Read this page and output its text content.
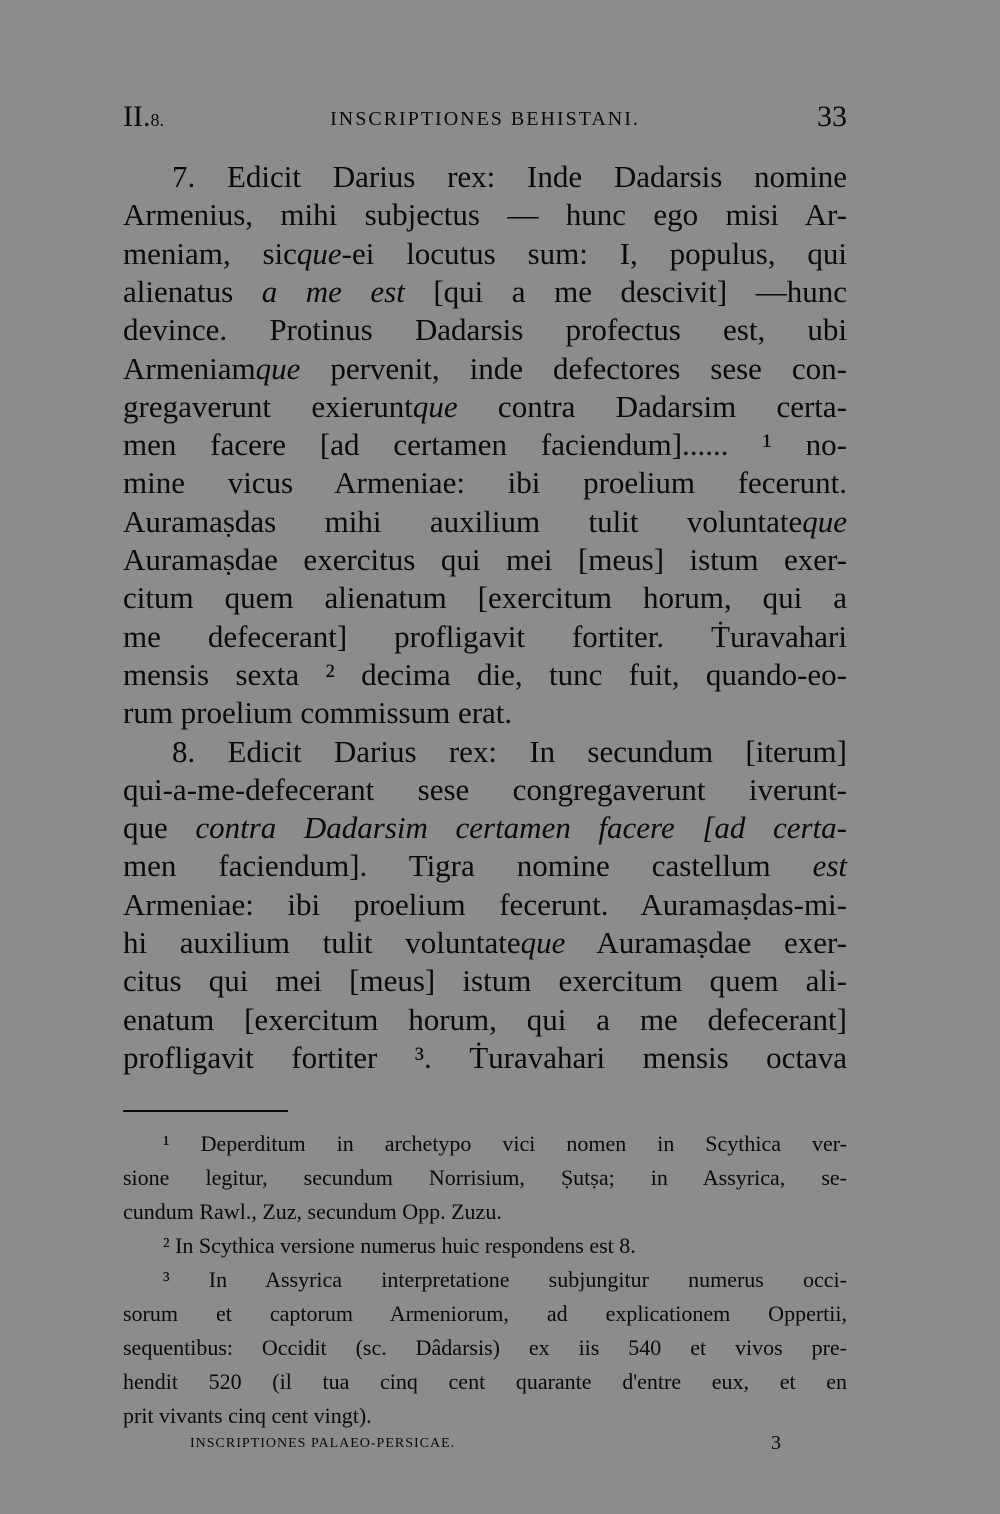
II.8.	INSCRIPTIONES BEHISTANI.	33
7. Edicit Darius rex: Inde Dadarsis nomine
Armenius, mihi subjectus — hunc ego misi Ar-
meniam, sicque-ei locutus sum: I, populus, qui
alienatus a me est [qui a me descivit] —hunc
devince. Protinus Dadarsis profectus est, ubi
Armeniamque pervenit, inde defectores sese con-
gregaverunt exieruntque contra Dadarsim certa-
men facere [ad certamen faciendum]...... ¹ no-
mine vicus Armeniae: ibi proelium fecerunt.
Auramaṣdas mihi auxilium tulit voluntateque
Auramaṣdae exercitus qui mei [meus] istum exer-
citum quem alienatum [exercitum horum, qui a
me defecerant] profligavit fortiter. Ṫuravahari
mensis sexta ² decima die, tunc fuit, quando-eo-
rum proelium commissum erat.
8. Edicit Darius rex: In secundum [iterum]
qui-a-me-defecerant sese congregaverunt iverunt-
que contra Dadarsim certamen facere [ad certa-
men faciendum]. Tigra nomine castellum est
Armeniae: ibi proelium fecerunt. Auramaṣdas-mi-
hi auxilium tulit voluntateque Auramaṣdae exer-
citus qui mei [meus] istum exercitum quem ali-
enatum [exercitum horum, qui a me defecerant]
profligavit fortiter ³. Ṫuravahari mensis octava
¹ Deperditum in archetypo vici nomen in Scythica ver-
sione legitur, secundum Norrisium, Ṣutṣa; in Assyrica, se-
cundum Rawl., Zuz, secundum Opp. Zuzu.
² In Scythica versione numerus huic respondens est 8.
³ In Assyrica interpretatione subjungitur numerus occi-
sorum et captorum Armeniorum, ad explicationem Oppertii,
sequentibus: Occidit (sc. Dâdarsis) ex iis 540 et vivos pre-
hendit 520 (il tua cinq cent quarante d'entre eux, et en
prit vivants cinq cent vingt).
INSCRIPTIONES PALAEO-PERSICAE.	3
